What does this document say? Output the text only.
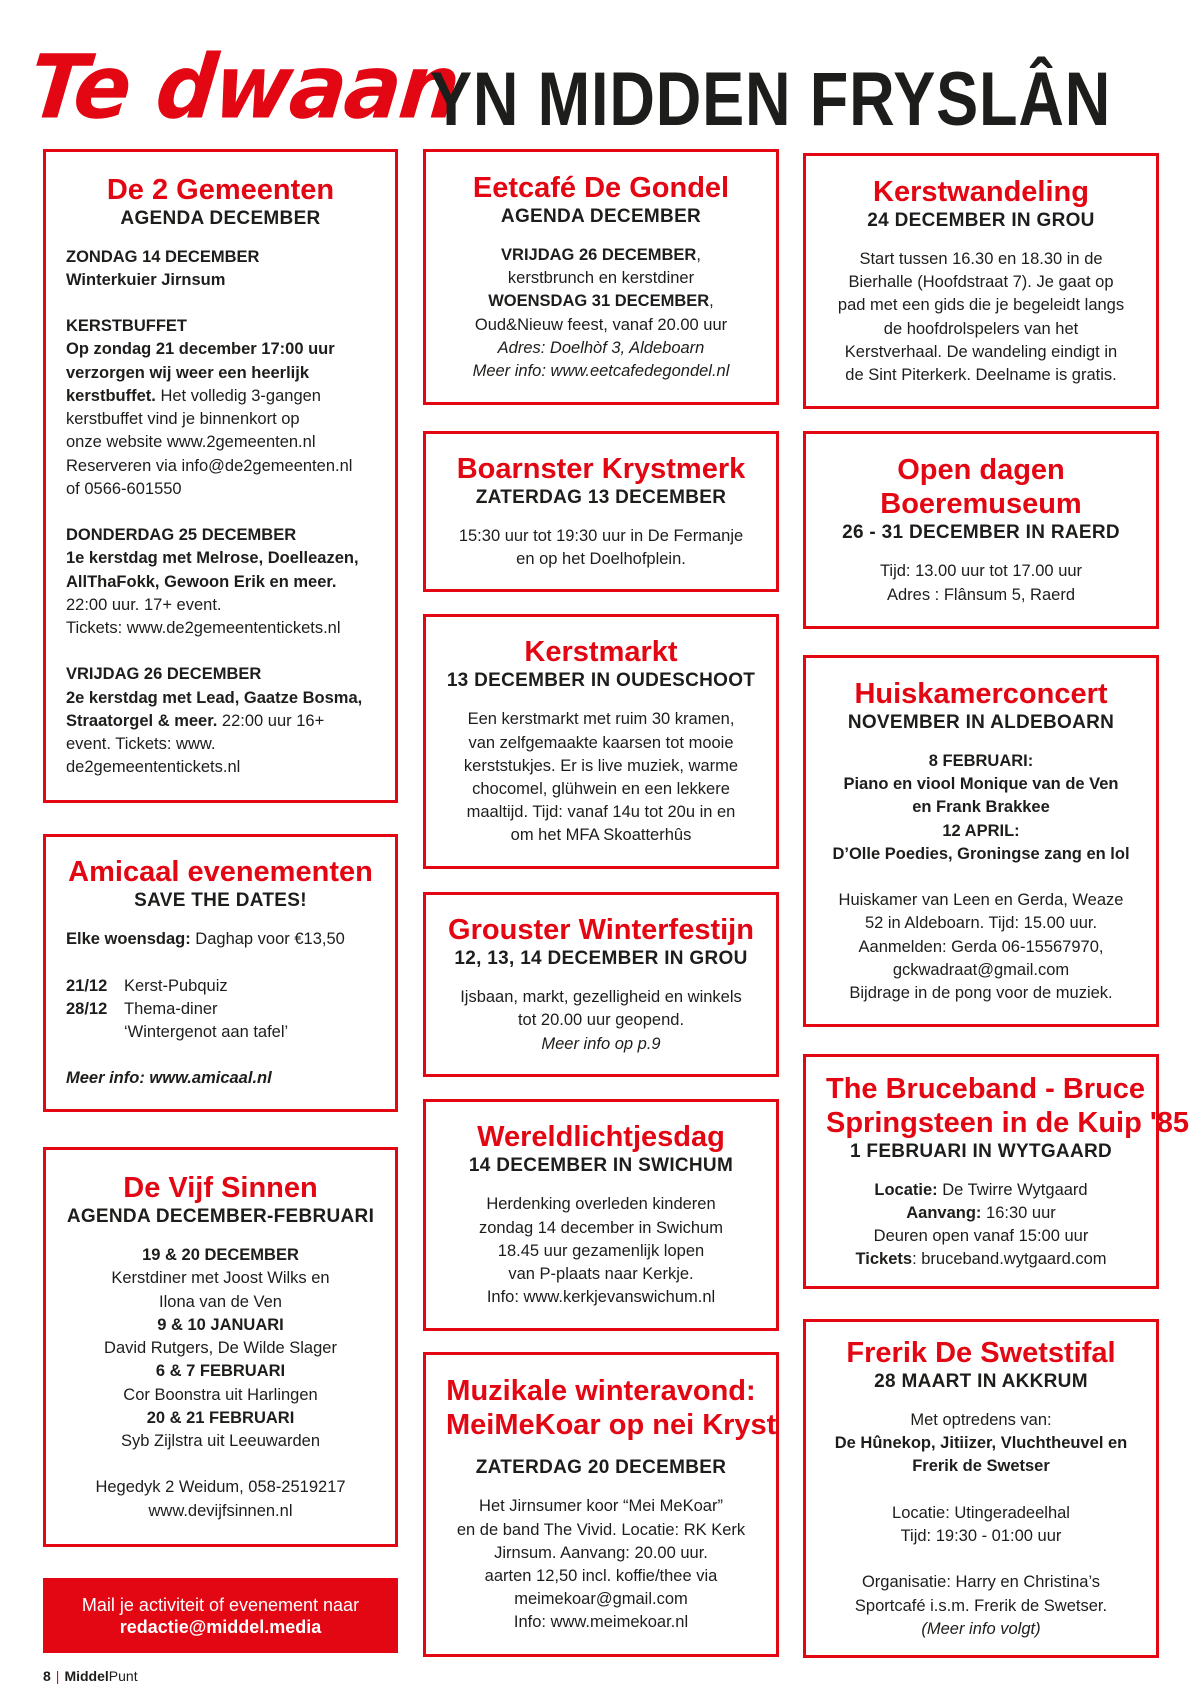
Te dwaan
YN MIDDEN FRYSLÂN
De 2 Gemeenten
AGENDA DECEMBER
ZONDAG 14 DECEMBER
Winterkuier Jirnsum
KERSTBUFFET
Op zondag 21 december 17:00 uur
verzorgen wij weer een heerlijk
kerstbuffet. Het volledig 3-gangen
kerstbuffet vind je binnenkort op
onze website www.2gemeenten.nl
Reserveren via info@de2gemeenten.nl
of 0566-601550
DONDERDAG 25 DECEMBER
1e kerstdag met Melrose, Doelleazen,
AllThaFokk, Gewoon Erik en meer.
22:00 uur. 17+ event.
Tickets: www.de2gemeententickets.nl
VRIJDAG 26 DECEMBER
2e kerstdag met Lead, Gaatze Bosma,
Straatorgel & meer. 22:00 uur 16+
event. Tickets: www.
de2gemeententickets.nl
Amicaal evenementen
SAVE THE DATES!
Elke woensdag: Daghap voor €13,50
21/12	Kerst-Pubquiz
28/12	Thema-diner
‘Wintergenot aan tafel’
Meer info: www.amicaal.nl
De Vijf Sinnen
AGENDA DECEMBER-FEBRUARI
19 & 20 DECEMBER
Kerstdiner met Joost Wilks en
Ilona van de Ven
9 & 10 JANUARI
David Rutgers, De Wilde Slager
6 & 7 FEBRUARI
Cor Boonstra uit Harlingen
20 & 21 FEBRUARI
Syb Zijlstra uit Leeuwarden
Hegedyk 2 Weidum, 058-2519217
www.devijfsinnen.nl
Eetcafé De Gondel
AGENDA DECEMBER
VRIJDAG 26 DECEMBER,
kerstbrunch en kerstdiner
WOENSDAG 31 DECEMBER,
Oud&Nieuw feest, vanaf 20.00 uur
Adres: Doelhòf 3, Aldeboarn
Meer info: www.eetcafedegondel.nl
Boarnster Krystmerk
ZATERDAG 13 DECEMBER
15:30 uur tot 19:30 uur in De Fermanje
en op het Doelhofplein.
Kerstmarkt
13 DECEMBER IN OUDESCHOOT
Een kerstmarkt met ruim 30 kramen,
van zelfgemaakte kaarsen tot mooie
kerststukjes. Er is live muziek, warme
chocomel, glühwein en een lekkere
maaltijd. Tijd: vanaf 14u tot 20u in en
om het MFA Skoatterhûs
Grouster Winterfestijn
12, 13, 14 DECEMBER IN GROU
Ijsbaan, markt, gezelligheid en winkels
tot 20.00 uur geopend.
Meer info op p.9
Wereldlichtjesdag
14 DECEMBER IN SWICHUM
Herdenking overleden kinderen
zondag 14 december in Swichum
18.45 uur gezamenlijk lopen
van P-plaats naar Kerkje.
Info: www.kerkjevanswichum.nl
Muzikale winteravond:
MeiMeKoar op nei Kryst
ZATERDAG 20 DECEMBER
Het Jirnsumer koor “Mei MeKoar”
en de band The Vivid. Locatie: RK Kerk
Jirnsum. Aanvang: 20.00 uur.
aarten 12,50 incl. koffie/thee via
meimekoar@gmail.com
Info: www.meimekoar.nl
Kerstwandeling
24 DECEMBER IN GROU
Start tussen 16.30 en 18.30 in de
Bierhalle (Hoofdstraat 7). Je gaat op
pad met een gids die je begeleidt langs
de hoofdrolspelers van het
Kerstverhaal. De wandeling eindigt in
de Sint Piterkerk. Deelname is gratis.
Open dagen
Boeremuseum
26 - 31 DECEMBER IN RAERD
Tijd: 13.00 uur tot 17.00 uur
Adres : Flânsum 5, Raerd
Huiskamerconcert
NOVEMBER IN ALDEBOARN
8 FEBRUARI:
Piano en viool Monique van de Ven
en Frank Brakkee
12 APRIL:
D’Olle Poedies, Groningse zang en lol
Huiskamer van Leen en Gerda, Weaze
52 in Aldeboarn. Tijd: 15.00 uur.
Aanmelden: Gerda 06-15567970,
gckwadraat@gmail.com
Bijdrage in de pong voor de muziek.
The Bruceband - Bruce
Springsteen in de Kuip '85
1 FEBRUARI IN WYTGAARD
Locatie: De Twirre Wytgaard
Aanvang: 16:30 uur
Deuren open vanaf 15:00 uur
Tickets: bruceband.wytgaard.com
Frerik De Swetstifal
28 MAART IN AKKRUM
Met optredens van:
De Hûnekop, Jitiizer, Vluchtheuvel en
Frerik de Swetser
Locatie: Utingeradeelhal
Tijd: 19:30 - 01:00 uur
Organisatie: Harry en Christina’s
Sportcafé i.s.m. Frerik de Swetser.
(Meer info volgt)
Mail je activiteit of evenement naar
redactie@middel.media
8 | MiddelPunt
